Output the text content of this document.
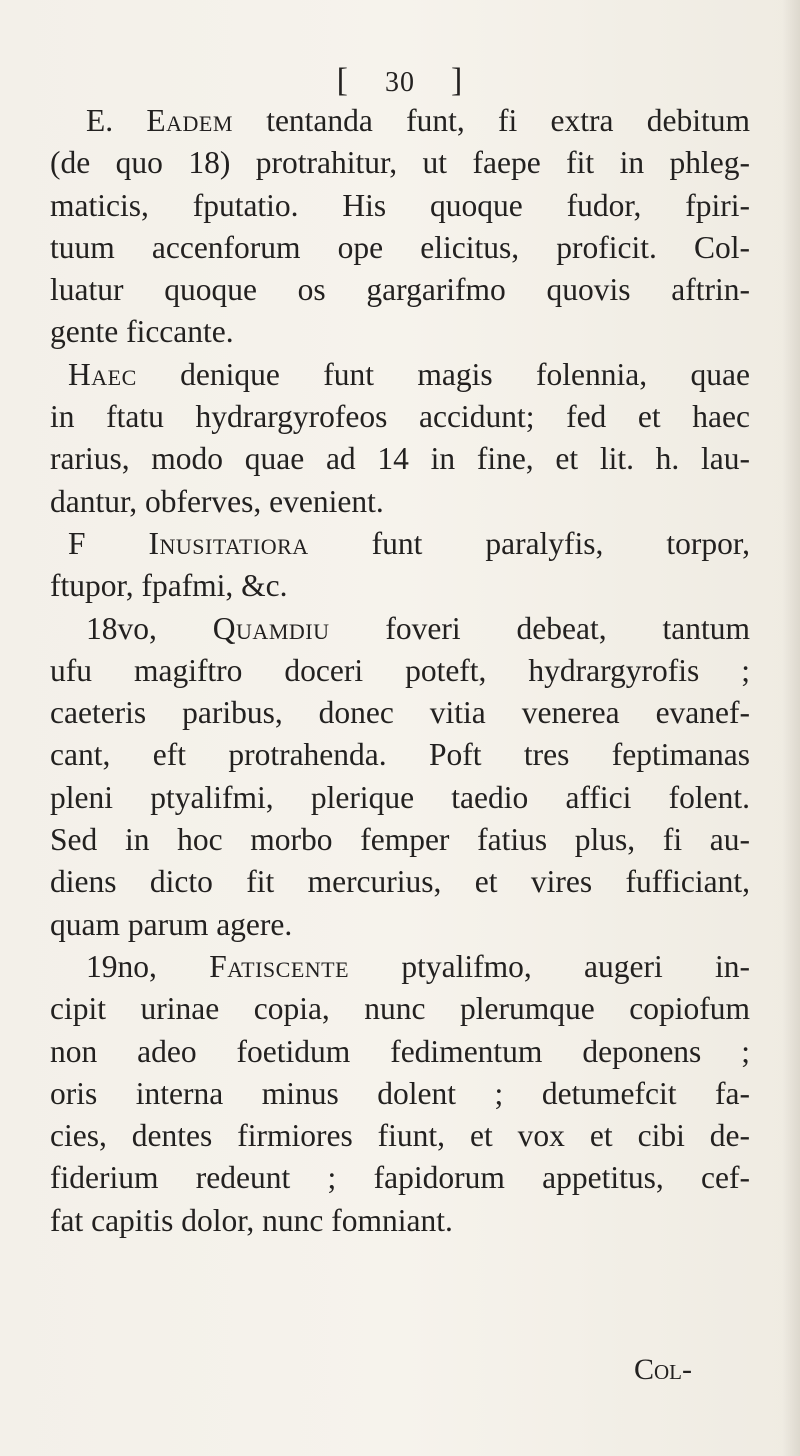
[ 30 ]
E. Eadem tentanda funt, fi extra debitum
(de quo 18) protrahitur, ut faepe fit in phleg-
maticis, fputatio. His quoque fudor, fpiri-
tuum accenforum ope elicitus, proficit. Col-
luatur quoque os gargarifmo quovis aftrin-
gente ficcante.
Haec denique funt magis folennia, quae
in ftatu hydrargyrofeos accidunt; fed et haec
rarius, modo quae ad 14 in fine, et lit. h. lau-
dantur, obferves, evenient.
F Inusitatiora funt paralyfis, torpor,
ftupor, fpafmi, &c.
18vo, Quamdiu foveri debeat, tantum
ufu magiftro doceri poteft, hydrargyrofis ;
caeteris paribus, donec vitia venerea evanef-
cant, eft protrahenda. Poft tres feptimanas
pleni ptyalifmi, plerique taedio affici folent.
Sed in hoc morbo femper fatius plus, fi au-
diens dicto fit mercurius, et vires fufficiant,
quam parum agere.
19no, Fatiscente ptyalifmo, augeri in-
cipit urinae copia, nunc plerumque copiofum
non adeo foetidum fedimentum deponens ;
oris interna minus dolent ; detumefcit fa-
cies, dentes firmiores fiunt, et vox et cibi de-
fiderium redeunt ; fapidorum appetitus, cef-
fat capitis dolor, nunc fomniant.
Col-
